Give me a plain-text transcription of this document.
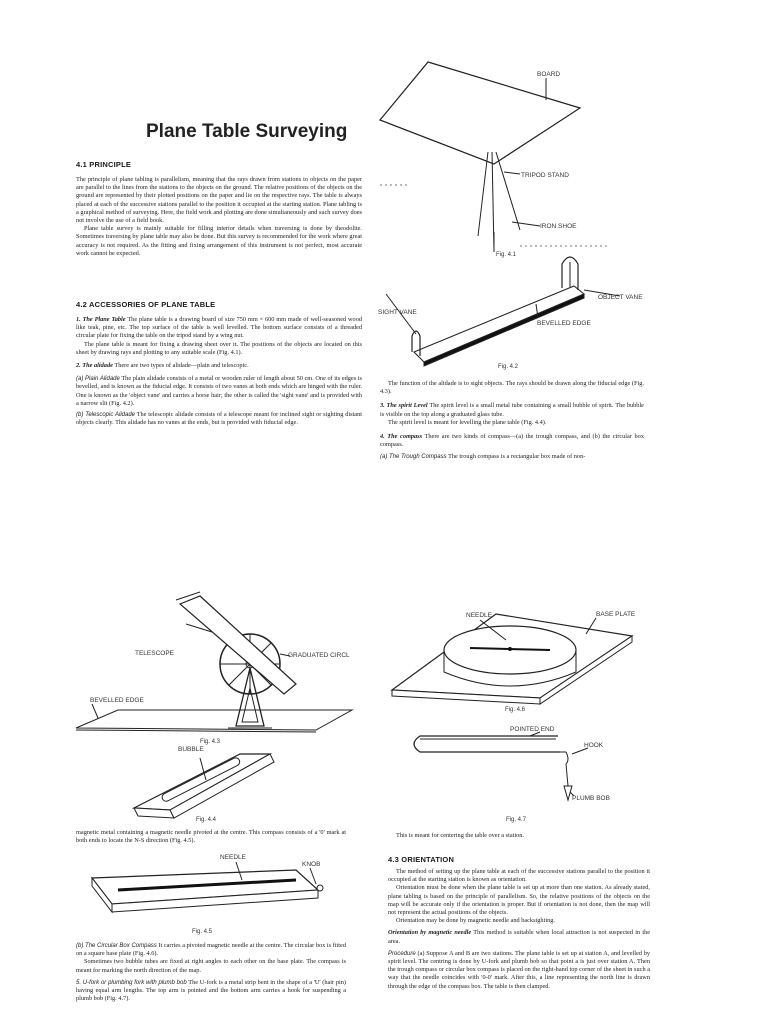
Plane Table Surveying
4.1 PRINCIPLE

The principle of plane tabling is parallelism, meaning that the rays drawn from stations to objects on the paper are parallel to the lines from the stations to the objects on the ground. The relative positions of the objects on the ground are represented by their plotted positions on the paper and lie on the respective rays. The table is always placed at each of the successive stations parallel to the position it occupied at the starting station. Plane tabling is a graphical method of surveying. Here, the field work and plotting are done simultaneously and such survey does not involve the use of a field book.

Plane table survey is mainly suitable for filling interior details when traversing is done by theodolite. Sometimes traversing by plane table may also be done. But this survey is recommended for the work where great accuracy is not required. As the fitting and fixing arrangement of this instrument is not perfect, most accurate work cannot be expected.

4.2 ACCESSORIES OF PLANE TABLE

1. The Plane Table The plane table is a drawing board of size 750 mm × 600 mm made of well-seasoned wood like teak, pine, etc. The top surface of the table is well levelled. The bottom surface consists of a threaded circular plate for fixing the table on the tripod stand by a wing nut.

The plane table is meant for fixing a drawing sheet over it. The positions of the objects are located on this sheet by drawing rays and plotting to any suitable scale (Fig. 4.1).

2. The alidade There are two types of alidade—plain and telescopic.

(a) Plain Alidade The plain alidade consists of a metal or wooden ruler of length about 50 cm. One of its edges is bevelled, and is known as the fiducial edge. It consists of two vanes at both ends which are hinged with the ruler. One is known as the 'object vane' and carries a horse hair; the other is called the 'sight vane' and is provided with a narrow slit (Fig. 4.2).

(b) Telescopic Alidade The telescopic alidade consists of a telescope meant for inclined sight or sighting distant objects clearly. This alidade has no vanes at the ends, but is provided with fiducial edge.

BOARD
TRIPOD STAND
IRON SHOE
Fig. 4.1
SIGHT VANE
OBJECT VANE
BEVELLED EDGE
Fig. 4.2

The function of the alidade is to sight objects. The rays should be drawn along the fiducial edge (Fig. 4.3).

3. The spirit Level The spirit level is a small metal tube containing a small bubble of spirit. The bubble is visible on the top along a graduated glass tube.

The spirit level is meant for levelling the plane table (Fig. 4.4).

4. The compass There are two kinds of compass—(a) the trough compass, and (b) the circular box compass.

(a) The Trough Compass The trough compass is a rectangular box made of non-

TELESCOPE	GRADUATED CIRCL
BEVELLED EDGE
Fig. 4.3
BUBBLE
Fig. 4.4

magnetic metal containing a magnetic needle pivoted at the centre. This compass consists of a '0' mark at both ends to locate the N-S direction (Fig. 4.5).

NEEDLE
KNOB
Fig. 4.5

(b) The Circular Box Compass It carries a pivoted magnetic needle at the centre. The circular box is fitted on a square base plate (Fig. 4.6).

Sometimes two bubble tubes are fixed at right angles to each other on the base plate. The compass is meant for marking the north direction of the map.

5. U-fork or plumbing fork with plumb bob The U-fork is a metal strip bent in the shape of a 'U' (hair pin) having equal arm lengths. The top arm is pointed and the bottom arm carries a hook for suspending a plumb bob (Fig. 4.7).

NEEDLE	BASE PLATE
Fig. 4.6
POINTED END
HOOK
PLUMB BOB
Fig. 4.7

This is meant for centering the table over a station.

4.3 ORIENTATION

The method of setting up the plane table at each of the successive stations parallel to the position it occupied at the starting station is known as orientation.

Orientation must be done when the plane table is set up at more than one station. As already stated, plane tabling is based on the principle of parallelism. So, the relative positions of the objects on the map will be accurate only if the orientation is proper. But if orientation is not done, then the map will not represent the actual positions of the objects.

Orientation may be done by magnetic needle and backsighting.

Orientation by magnetic needle This method is suitable when local attraction is not suspected in the area.

Procedure (a) Suppose A and B are two stations. The plane table is set up at station A, and levelled by spirit level. The centring is done by U-fork and plumb bob so that point a is just over station A. Then the trough compass or circular box compass is placed on the right-hand top corner of the sheet in such a way that the needle coincides with '0-0' mark. After this, a line representing the north line is drawn through the edge of the compass box. The table is then clamped.
